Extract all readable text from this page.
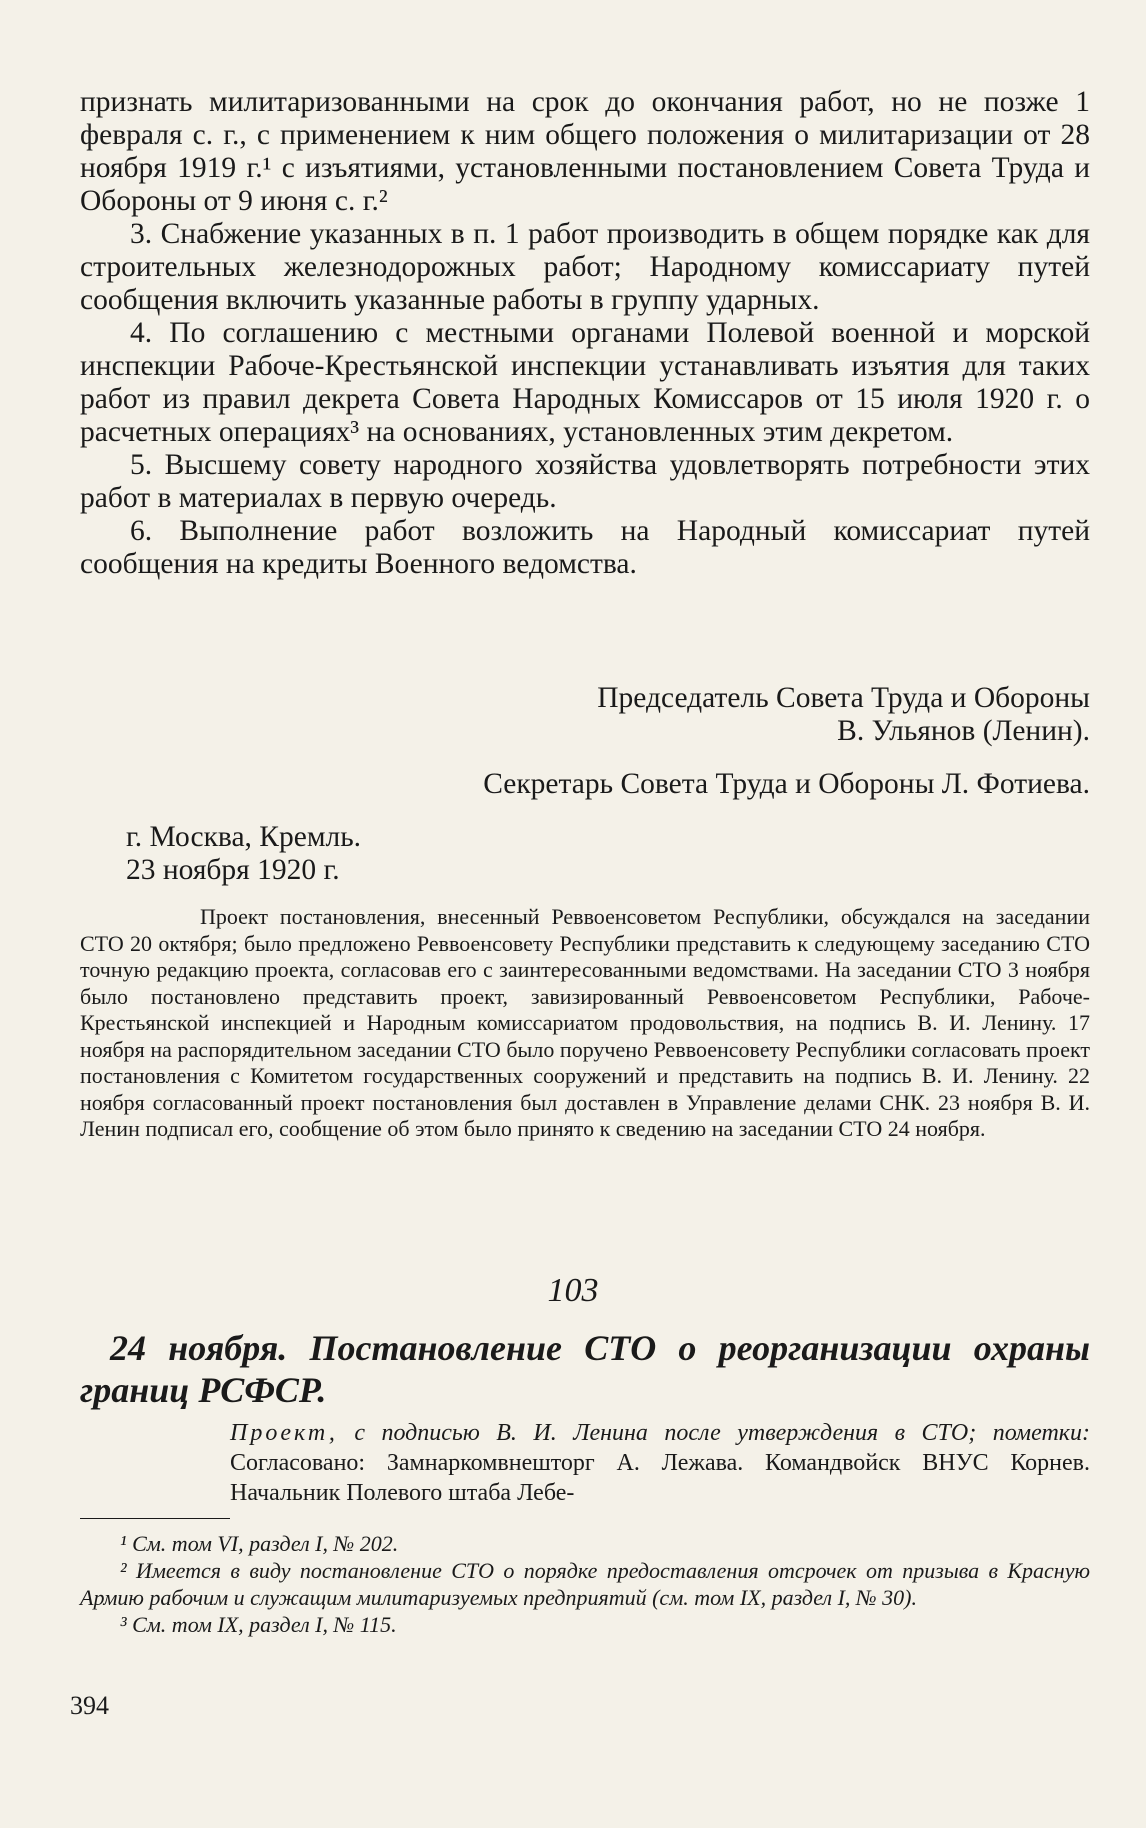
признать милитаризованными на срок до окончания работ, но не позже 1 февраля с. г., с применением к ним общего положения о милитаризации от 28 ноября 1919 г.¹ с изъятиями, установленными постановлением Совета Труда и Обороны от 9 июня с. г.²

3. Снабжение указанных в п. 1 работ производить в общем порядке как для строительных железнодорожных работ; Народному комиссариату путей сообщения включить указанные работы в группу ударных.

4. По соглашению с местными органами Полевой военной и морской инспекции Рабоче-Крестьянской инспекции устанавливать изъятия для таких работ из правил декрета Совета Народных Комиссаров от 15 июля 1920 г. о расчетных операциях³ на основаниях, установленных этим декретом.

5. Высшему совету народного хозяйства удовлетворять потребности этих работ в материалах в первую очередь.

6. Выполнение работ возложить на Народный комиссариат путей сообщения на кредиты Военного ведомства.

Председатель Совета Труда и Обороны

В. Ульянов (Ленин).

Секретарь Совета Труда и Обороны Л. Фотиева.

г. Москва, Кремль.

23 ноября 1920 г.

Проект постановления, внесенный Реввоенсоветом Республики, обсуждался на заседании СТО 20 октября; было предложено Реввоенсовету Республики представить к следующему заседанию СТО точную редакцию проекта, согласовав его с заинтересованными ведомствами. На заседании СТО 3 ноября было постановлено представить проект, завизированный Реввоенсоветом Республики, Рабоче-Крестьянской инспекцией и Народным комиссариатом продовольствия, на подпись В. И. Ленину. 17 ноября на распорядительном заседании СТО было поручено Реввоенсовету Республики согласовать проект постановления с Комитетом государственных сооружений и представить на подпись В. И. Ленину. 22 ноября согласованный проект постановления был доставлен в Управление делами СНК. 23 ноября В. И. Ленин подписал его, сообщение об этом было принято к сведению на заседании СТО 24 ноября.
103
24 ноября. Постановление СТО о реорганизации охраны границ РСФСР.
Проект, с подписью В. И. Ленина после утверждения в СТО; пометки: Согласовано: Замнаркомвнешторг А. Лежава. Командвойск ВНУС Корнев. Начальник Полевого штаба Лебе-

¹ См. том VI, раздел I, № 202.

² Имеется в виду постановление СТО о порядке предоставления отсрочек от призыва в Красную Армию рабочим и служащим милитаризуемых предприятий (см. том IX, раздел I, № 30).

³ См. том IX, раздел I, № 115.

394
